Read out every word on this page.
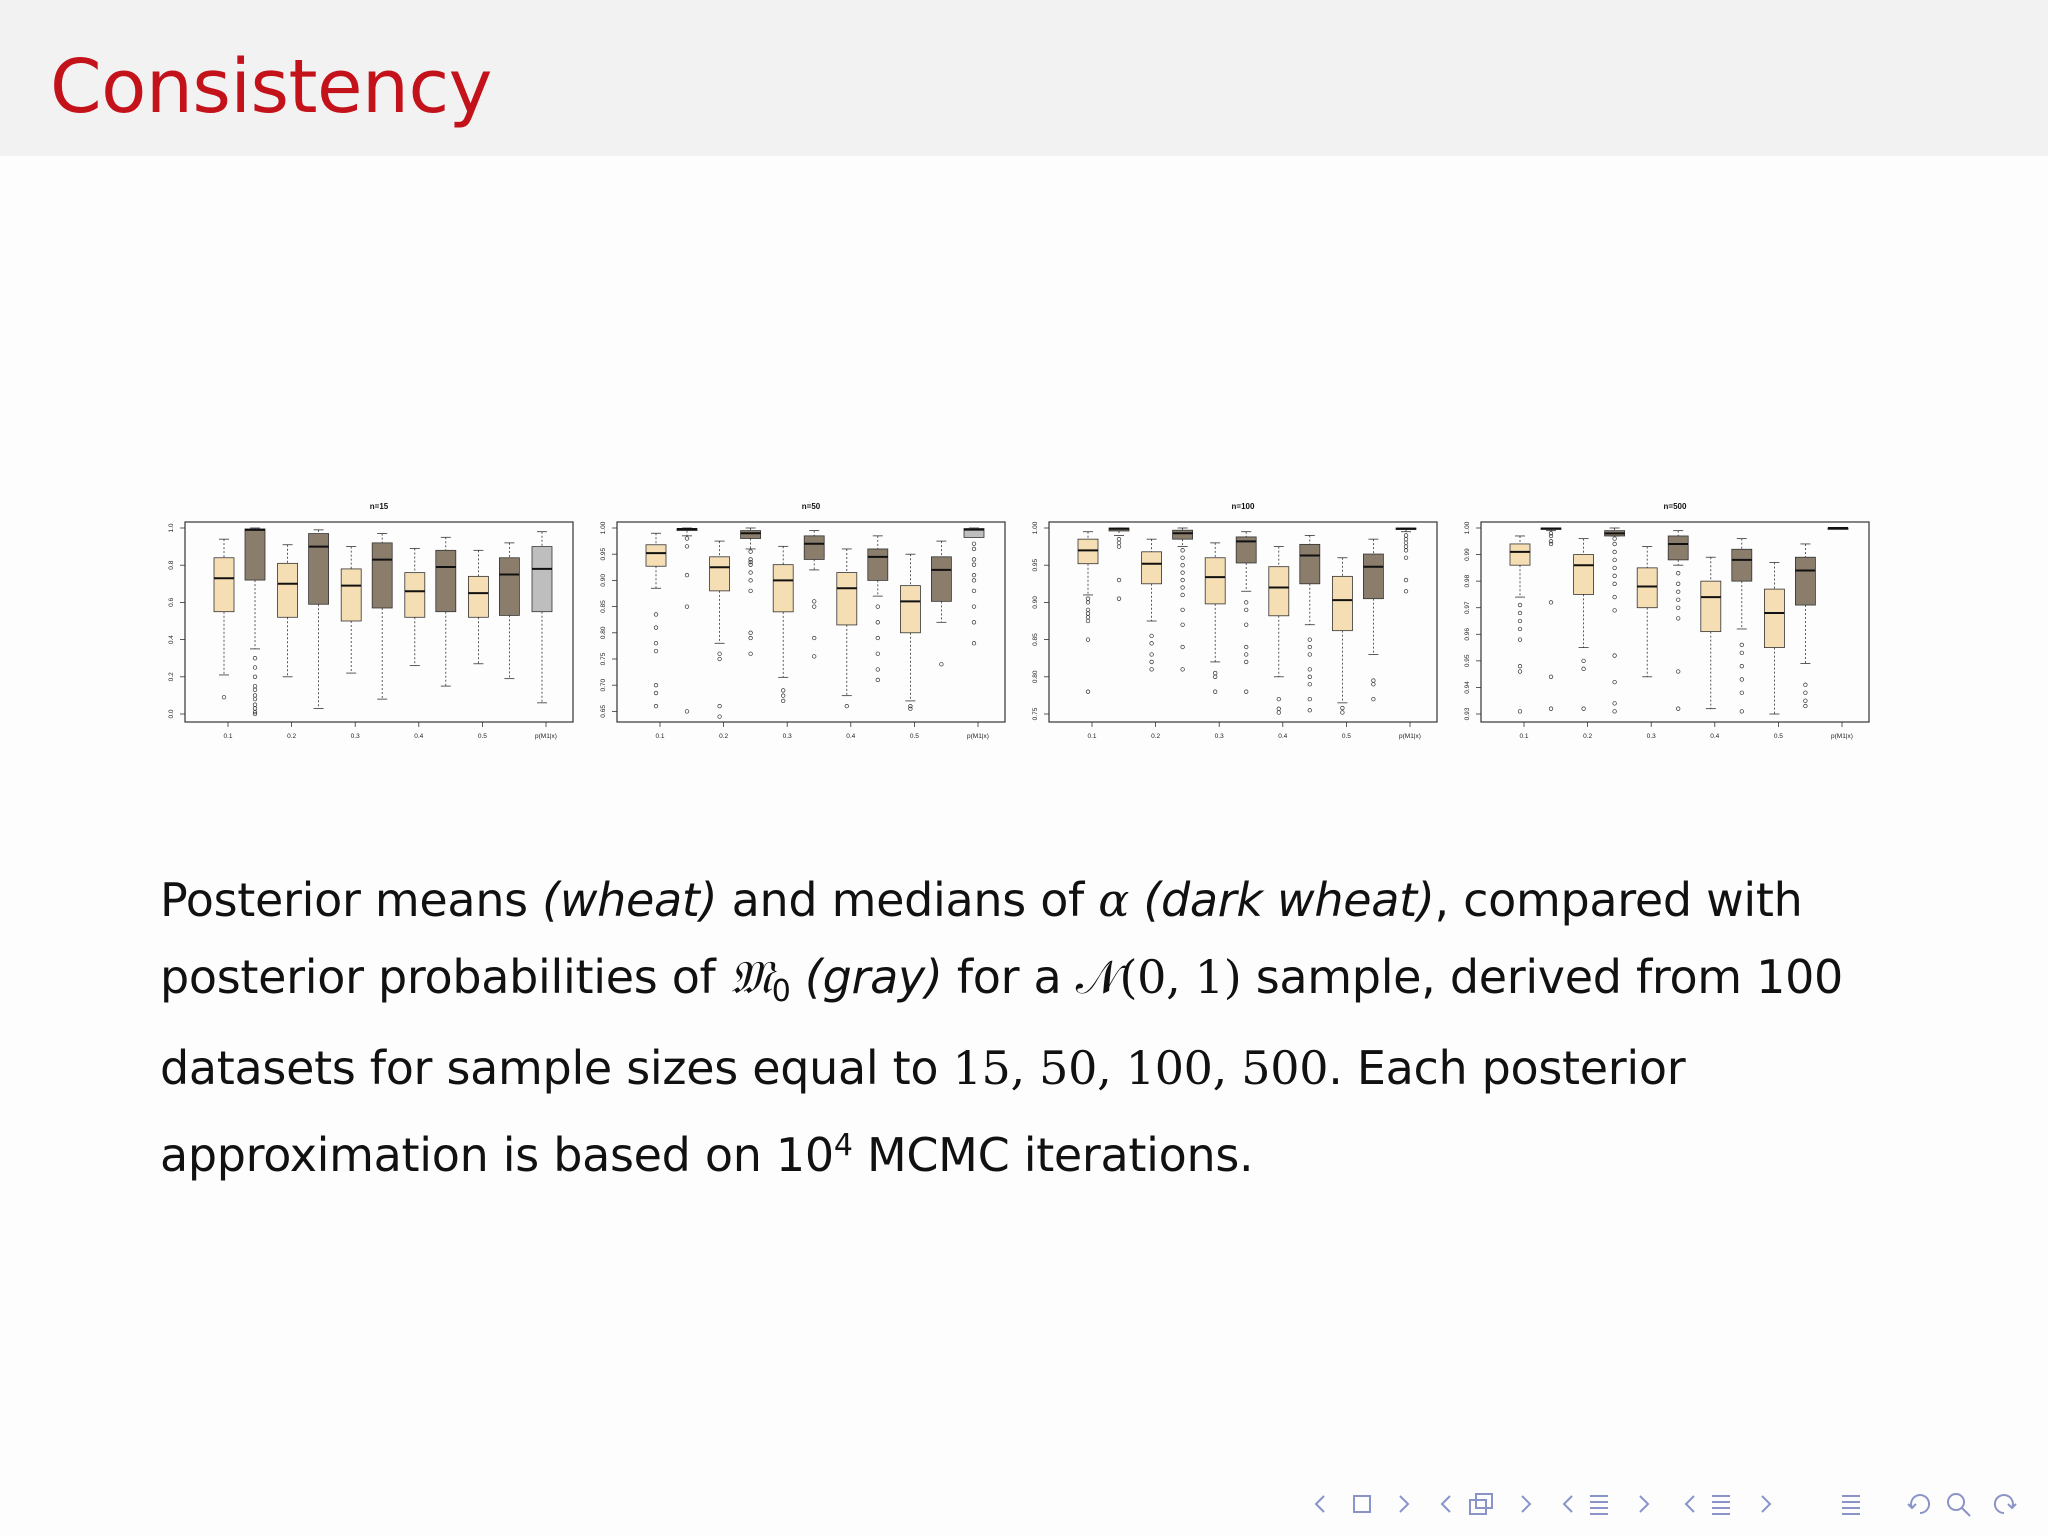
Consistency
n=15
0.0
0.2
0.4
0.6
0.8
1.0
0.1	0.2	0.3	0.4	0.5	p(M1|x)
n=50
0.65
0.70
0.75
0.80
0.85
0.90
0.95
1.00
0.1	0.2	0.3	0.4	0.5	p(M1|x)
n=100
0.75
0.80
0.85
0.90
0.95
1.00
0.1	0.2	0.3	0.4	0.5	p(M1|x)
n=500
0.93
0.94
0.95
0.96
0.97
0.98
0.99
1.00
0.1	0.2	0.3	0.4	0.5	p(M1|x)

Posterior means (wheat) and medians of α (dark wheat), compared with

posterior probabilities of 𝔐$_0$ (gray) for a 𝒩(0, 1) sample, derived from 100

datasets for sample sizes equal to 15, 50, 100, 500. Each posterior

approximation is based on $10^4$ MCMC iterations.
